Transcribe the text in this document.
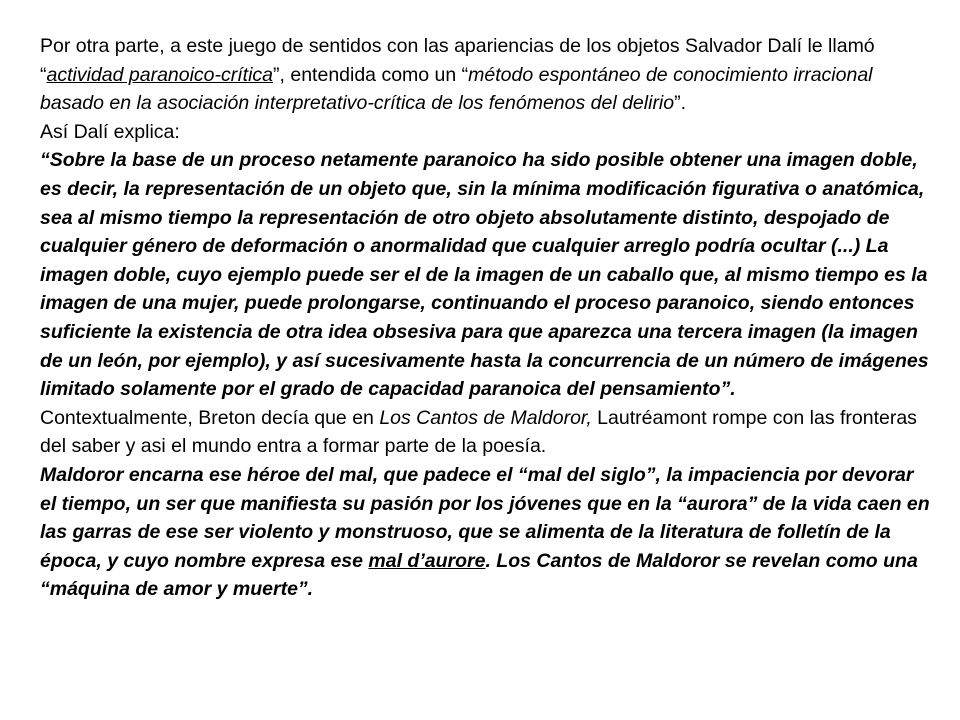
Por otra parte, a este juego de sentidos con las apariencias de los objetos Salvador Dalí le llamó “actividad paranoico-crítica”, entendida como un “método espontáneo de conocimiento irracional basado en la asociación interpretativo-crítica de los fenómenos del delirio”.

Así Dalí explica:

“Sobre la base de un proceso netamente paranoico ha sido posible obtener una imagen doble, es decir, la representación de un objeto que, sin la mínima modificación figurativa o anatómica, sea al mismo tiempo la representación de otro objeto absolutamente distinto, despojado de cualquier género de deformación o anormalidad que cualquier arreglo podría ocultar (...) La imagen doble, cuyo ejemplo puede ser el de la imagen de un caballo que, al mismo tiempo es la imagen de una mujer, puede prolongarse, continuando el proceso paranoico, siendo entonces suficiente la existencia de otra idea obsesiva para que aparezca una tercera imagen (la imagen de un león, por ejemplo), y así sucesivamente hasta la concurrencia de un número de imágenes limitado solamente por el grado de capacidad paranoica del pensamiento”.

Contextualmente, Breton decía que en Los Cantos de Maldoror, Lautréamont rompe con las fronteras del saber y asi el mundo entra a formar parte de la poesía.

Maldoror encarna ese héroe del mal, que padece el “mal del siglo”, la impaciencia por devorar el tiempo, un ser que manifiesta su pasión por los jóvenes que en la “aurora” de la vida caen en las garras de ese ser violento y monstruoso, que se alimenta de la literatura de folletín de la época, y cuyo nombre expresa ese mal d’aurore. Los Cantos de Maldoror se revelan como una “máquina de amor y muerte”.
